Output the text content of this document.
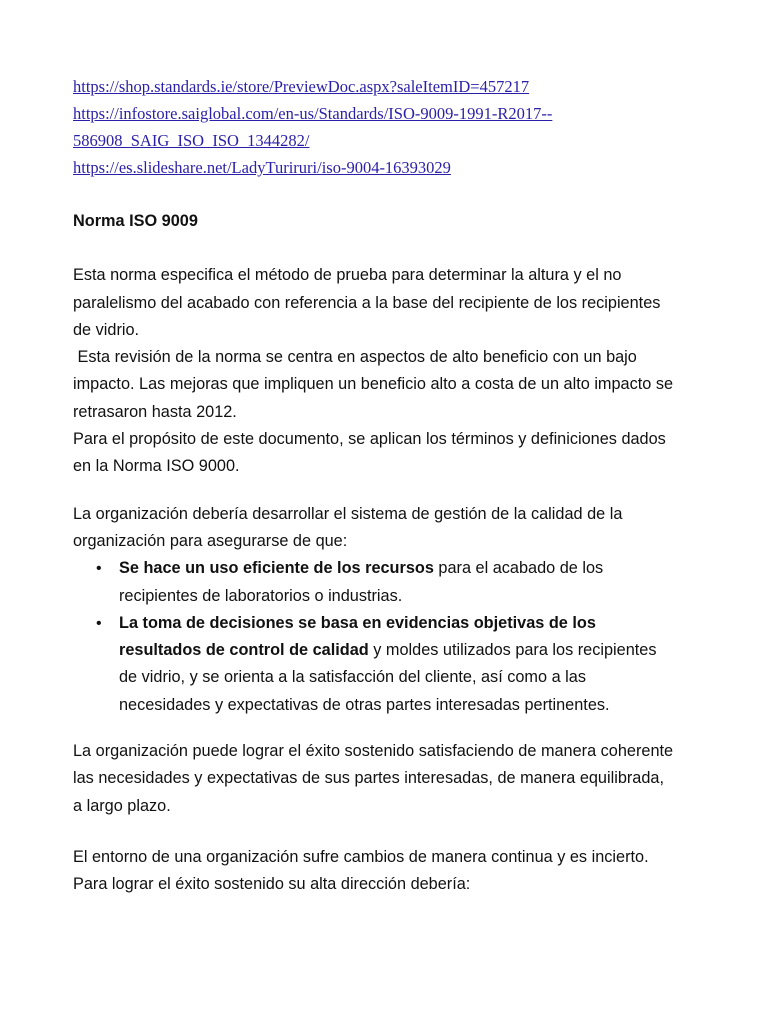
https://shop.standards.ie/store/PreviewDoc.aspx?saleItemID=457217
https://infostore.saiglobal.com/en-us/Standards/ISO-9009-1991-R2017--
586908_SAIG_ISO_ISO_1344282/
https://es.slideshare.net/LadyTuriruri/iso-9004-16393029
Norma ISO 9009
Esta norma especifica el método de prueba para determinar la altura y el no
paralelismo del acabado con referencia a la base del recipiente de los recipientes
de vidrio.
Esta revisión de la norma se centra en aspectos de alto beneficio con un bajo
impacto. Las mejoras que impliquen un beneficio alto a costa de un alto impacto se
retrasaron hasta 2012.
Para el propósito de este documento, se aplican los términos y definiciones dados
en la Norma ISO 9000.
La organización debería desarrollar el sistema de gestión de la calidad de la
organización para asegurarse de que:
• Se hace un uso eficiente de los recursos para el acabado de los
recipientes de laboratorios o industrias.
• La toma de decisiones se basa en evidencias objetivas de los
resultados de control de calidad y moldes utilizados para los recipientes
de vidrio, y se orienta a la satisfacción del cliente, así como a las
necesidades y expectativas de otras partes interesadas pertinentes.
La organización puede lograr el éxito sostenido satisfaciendo de manera coherente
las necesidades y expectativas de sus partes interesadas, de manera equilibrada,
a largo plazo.
El entorno de una organización sufre cambios de manera continua y es incierto.
Para lograr el éxito sostenido su alta dirección debería:
